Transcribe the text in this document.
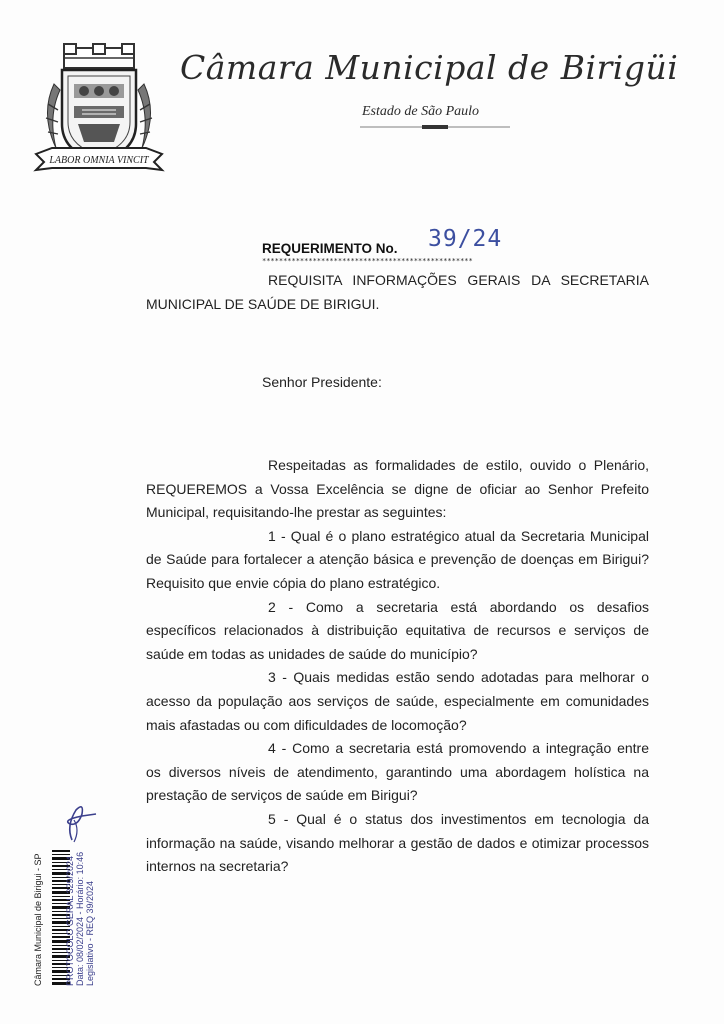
LABOR OMNIA VINCIT
Câmara Municipal de Birigüi
Estado de São Paulo
REQUERIMENTO No. 39/24
**************************************************

REQUISITA INFORMAÇÕES GERAIS DA SECRETARIA MUNICIPAL DE SAÚDE DE BIRIGUI.

Senhor Presidente:

Respeitadas as formalidades de estilo, ouvido o Plenário, REQUEREMOS a Vossa Excelência se digne de oficiar ao Senhor Prefeito Municipal, requisitando-lhe prestar as seguintes:

1 - Qual é o plano estratégico atual da Secretaria Municipal de Saúde para fortalecer a atenção básica e prevenção de doenças em Birigui? Requisito que envie cópia do plano estratégico.

2 - Como a secretaria está abordando os desafios específicos relacionados à distribuição equitativa de recursos e serviços de saúde em todas as unidades de saúde do município?

3 - Quais medidas estão sendo adotadas para melhorar o acesso da população aos serviços de saúde, especialmente em comunidades mais afastadas ou com dificuldades de locomoção?

4 - Como a secretaria está promovendo a integração entre os diversos níveis de atendimento, garantindo uma abordagem holística na prestação de serviços de saúde em Birigui?

5 - Qual é o status dos investimentos em tecnologia da informação na saúde, visando melhorar a gestão de dados e otimizar processos internos na secretaria?

Câmara Municipal de Birigui - SP PROTOCOLO GERAL 329/2024 Data: 08/02/2024 - Horário: 10:46 Legislativo - REQ 39/2024
